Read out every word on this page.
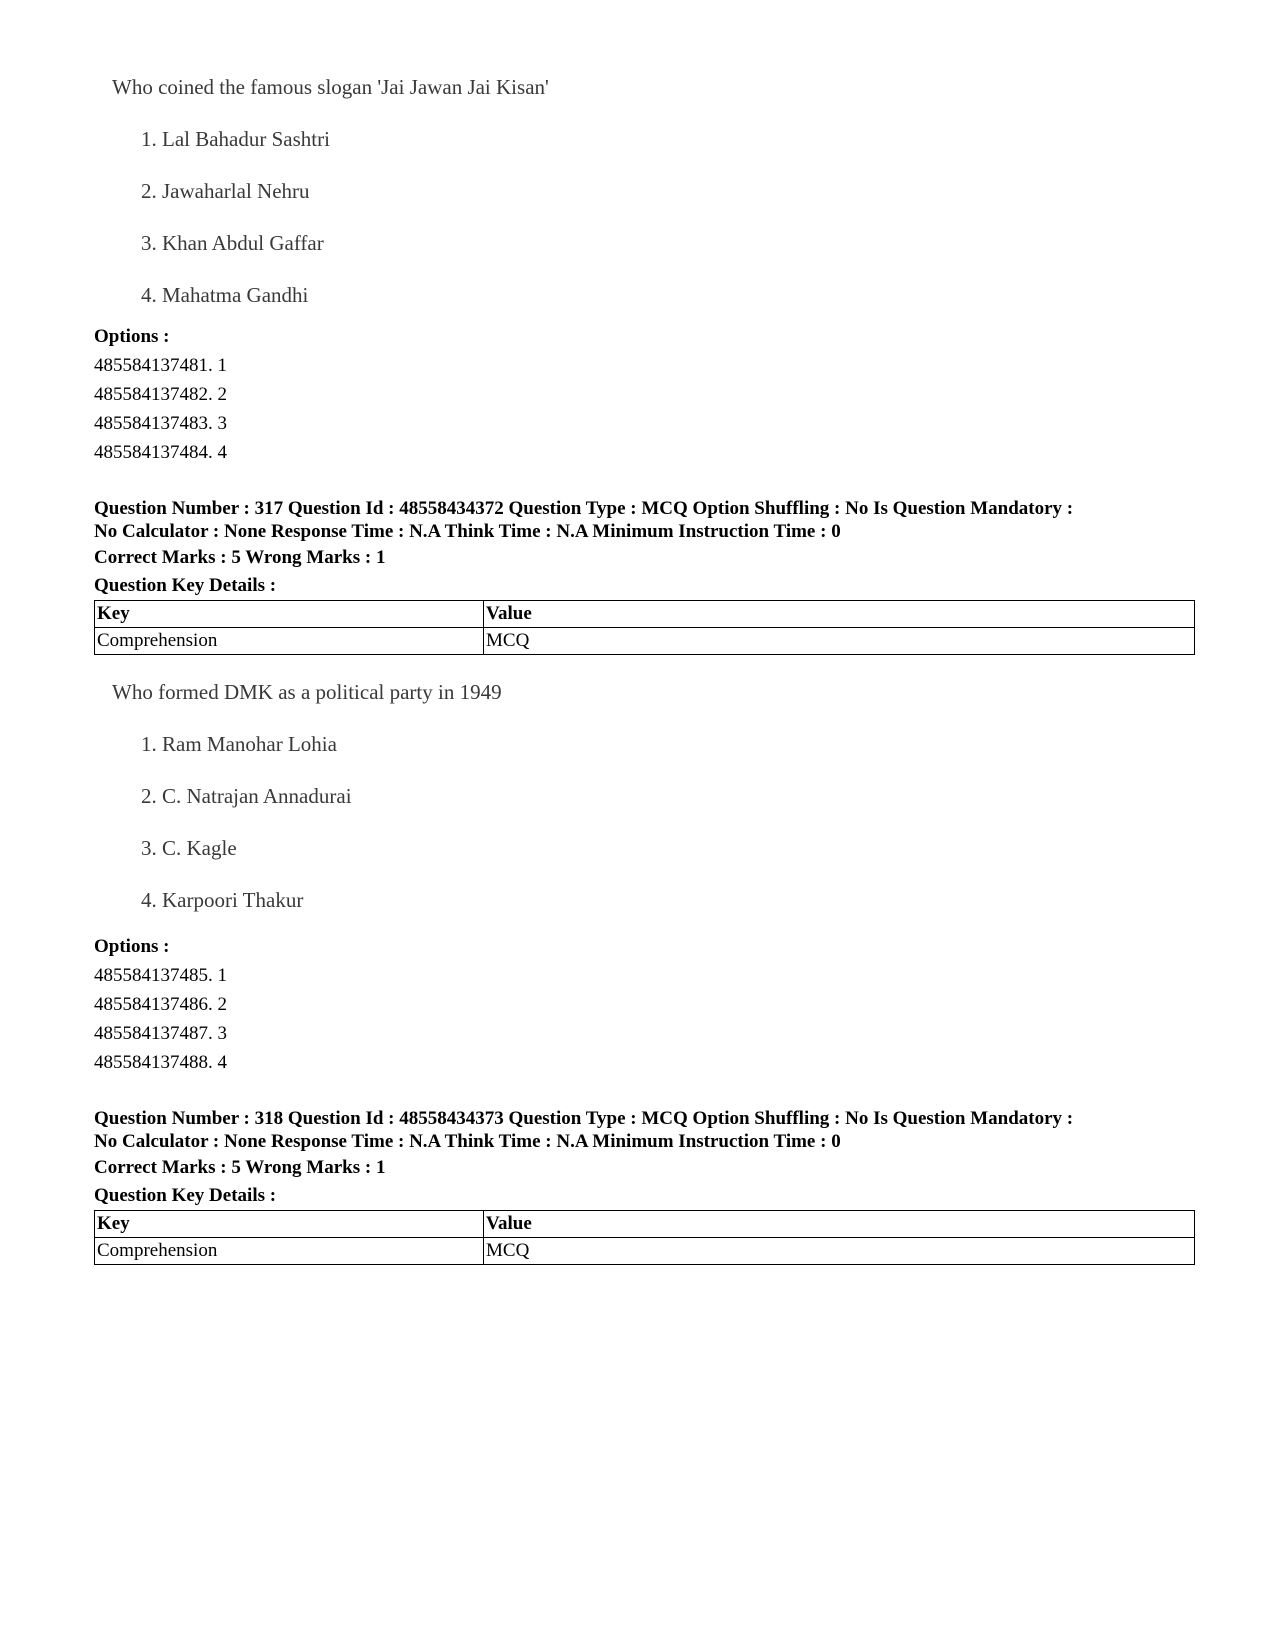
Who coined the famous slogan 'Jai Jawan Jai Kisan'

1. Lal Bahadur Sashtri
2. Jawaharlal Nehru
3. Khan Abdul Gaffar
4. Mahatma Gandhi
Options :
485584137481. 1
485584137482. 2
485584137483. 3
485584137484. 4
Question Number : 317 Question Id : 48558434372 Question Type : MCQ Option Shuffling : No Is Question Mandatory :
No Calculator : None Response Time : N.A Think Time : N.A Minimum Instruction Time : 0
Correct Marks : 5 Wrong Marks : 1
Question Key Details :
Key	Value
Comprehension	MCQ

Who formed DMK as a political party in 1949

1. Ram Manohar Lohia
2. C. Natrajan Annadurai
3. C. Kagle
4. Karpoori Thakur
Options :
485584137485. 1
485584137486. 2
485584137487. 3
485584137488. 4
Question Number : 318 Question Id : 48558434373 Question Type : MCQ Option Shuffling : No Is Question Mandatory :
No Calculator : None Response Time : N.A Think Time : N.A Minimum Instruction Time : 0
Correct Marks : 5 Wrong Marks : 1
Question Key Details :
Key	Value
Comprehension	MCQ
